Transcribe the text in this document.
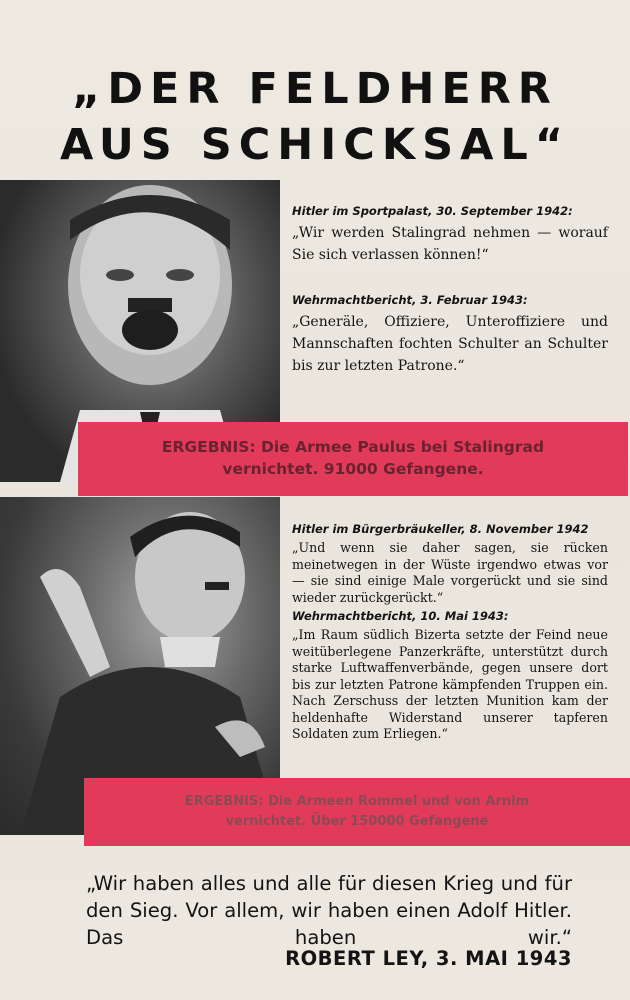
„DER FELDHERR
AUS SCHICKSAL“
Hitler im Sportpalast, 30. September 1942:
„Wir werden Stalingrad nehmen — worauf Sie sich verlassen können!“
Wehrmachtbericht, 3. Februar 1943:
„Generäle, Offiziere, Unteroffiziere und Mannschaften fochten Schulter an Schulter bis zur letzten Patrone.“
ERGEBNIS: Die Armee Paulus bei Stalingrad
vernichtet. 91000 Gefangene.
Hitler im Bürgerbräukeller, 8. November 1942
„Und wenn sie daher sagen, sie rücken meinetwegen in der Wüste irgendwo etwas vor — sie sind einige Male vorgerückt und sie sind wieder zurückgerückt.“
Wehrmachtbericht, 10. Mai 1943:
„Im Raum südlich Bizerta setzte der Feind neue weitüberlegene Panzerkräfte, unterstützt durch starke Luftwaffenverbände, gegen unsere dort bis zur letzten Patrone kämpfenden Truppen ein. Nach Zerschuss der letzten Munition kam der heldenhafte Widerstand unserer tapferen Soldaten zum Erliegen.“
ERGEBNIS: Die Armeen Rommel und von Arnim
vernichtet. Über 150000 Gefangene
„Wir haben alles und alle für diesen Krieg und für den Sieg. Vor allem, wir haben einen Adolf Hitler. Das haben wir.“
ROBERT LEY, 3. MAI 1943
